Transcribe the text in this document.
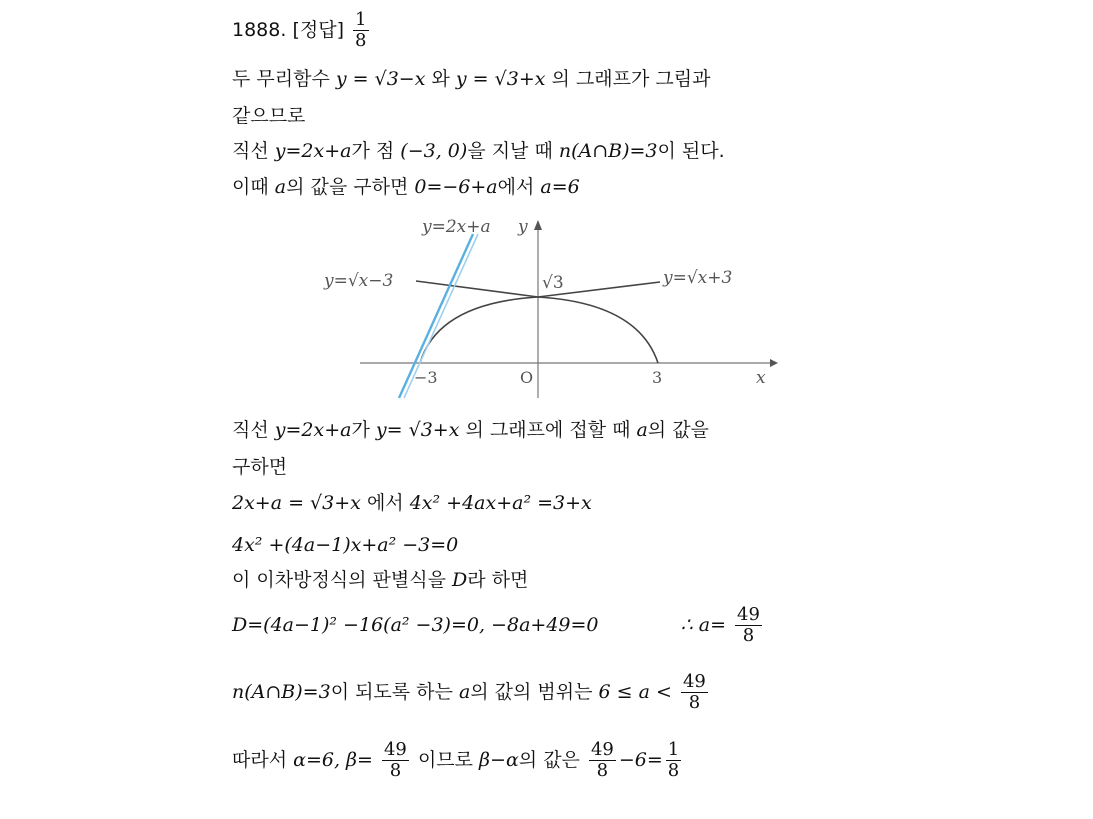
1888. [정답] $\frac{1}{8}$
두 무리함수 y = √3−x 와 y = √3+x 의 그래프가 그림과
같으므로
직선 y=2x+a가 점 (−3, 0)을 지날 때 n(A∩B)=3이 된다.
이때 a의 값을 구하면 0=−6+a에서 a=6
y=2x+a y
y=√x−3	y=√x+3
√3
−3	O	3	x
직선 y=2x+a가 y= √3+x 의 그래프에 접할 때 a의 값을
구하면
2x+a = √3+x 에서 4x² +4ax+a² =3+x
4x² +(4a−1)x+a² −3=0
이 이차방정식의 판별식을 D라 하면
D=(4a−1)² −16(a² −3)=0, −8a+49=0	∴ $a= \frac{49}{8}$
n(A∩B)=3이 되도록 하는 a의 값의 범위는 $6 \le a < \frac{49}{8}$
따라서 α=6, $\beta= \frac{49}{8}$ 이므로 β−α의 값은 $\frac{49}{8} -6= \frac{1}{8}$
